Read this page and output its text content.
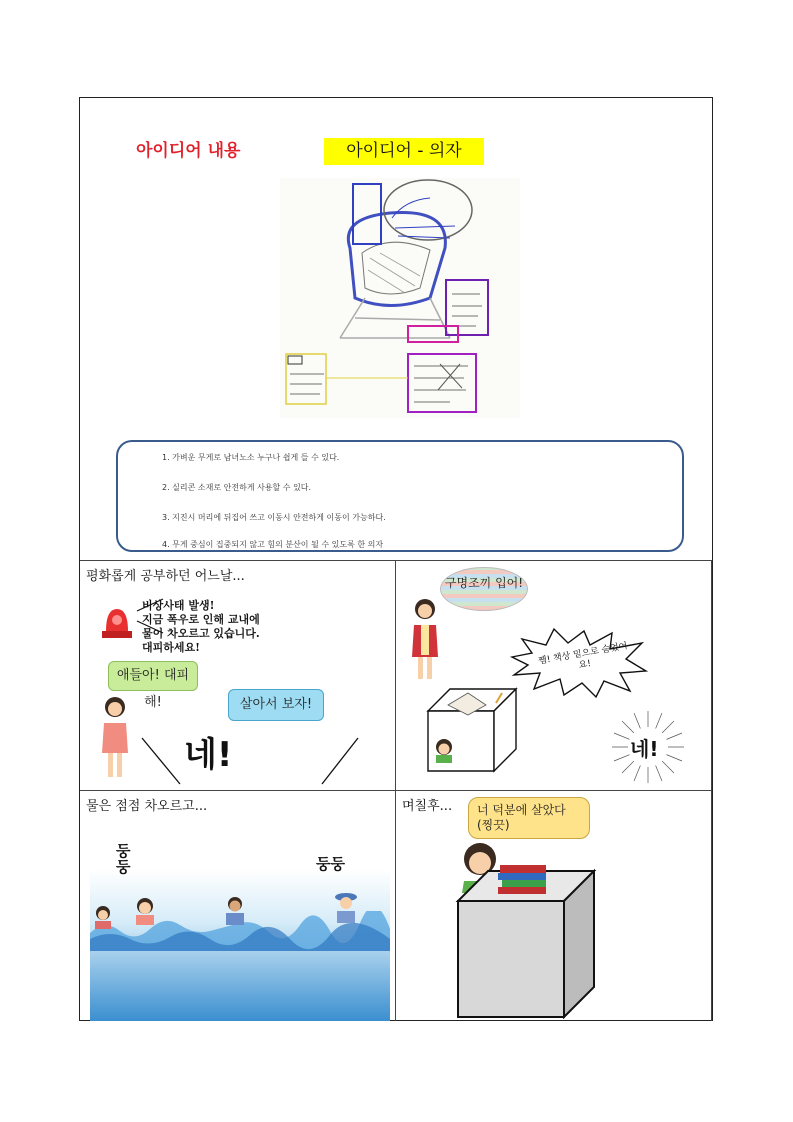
아이디어 내용	아이디어 - 의자
1. 가벼운 무게로 남녀노소 누구나 쉽게 들 수 있다.
2. 실리콘 소재로 안전하게 사용할 수 있다.
3. 지진시 머리에 뒤집어 쓰고 이동시 안전하게 이동이 가능하다.
4. 무게 중심이 집중되지 않고 힘의 분산이 될 수 있도록 한 의자
평화롭게 공부하던 어느날...
비상사태 발생!
지금 폭우로 인해 교내에
물이 차오르고 있습니다.
대피하세요!
애들아! 대피해!	살아서 보자!
네!
구명조끼 입어!
쨈! 책상 밑으로 숨었어요!
네!
물은 점점 차오르고...
둥 둥	둥둥
며칠후...	너 덕분에 살았다(찡끗)
